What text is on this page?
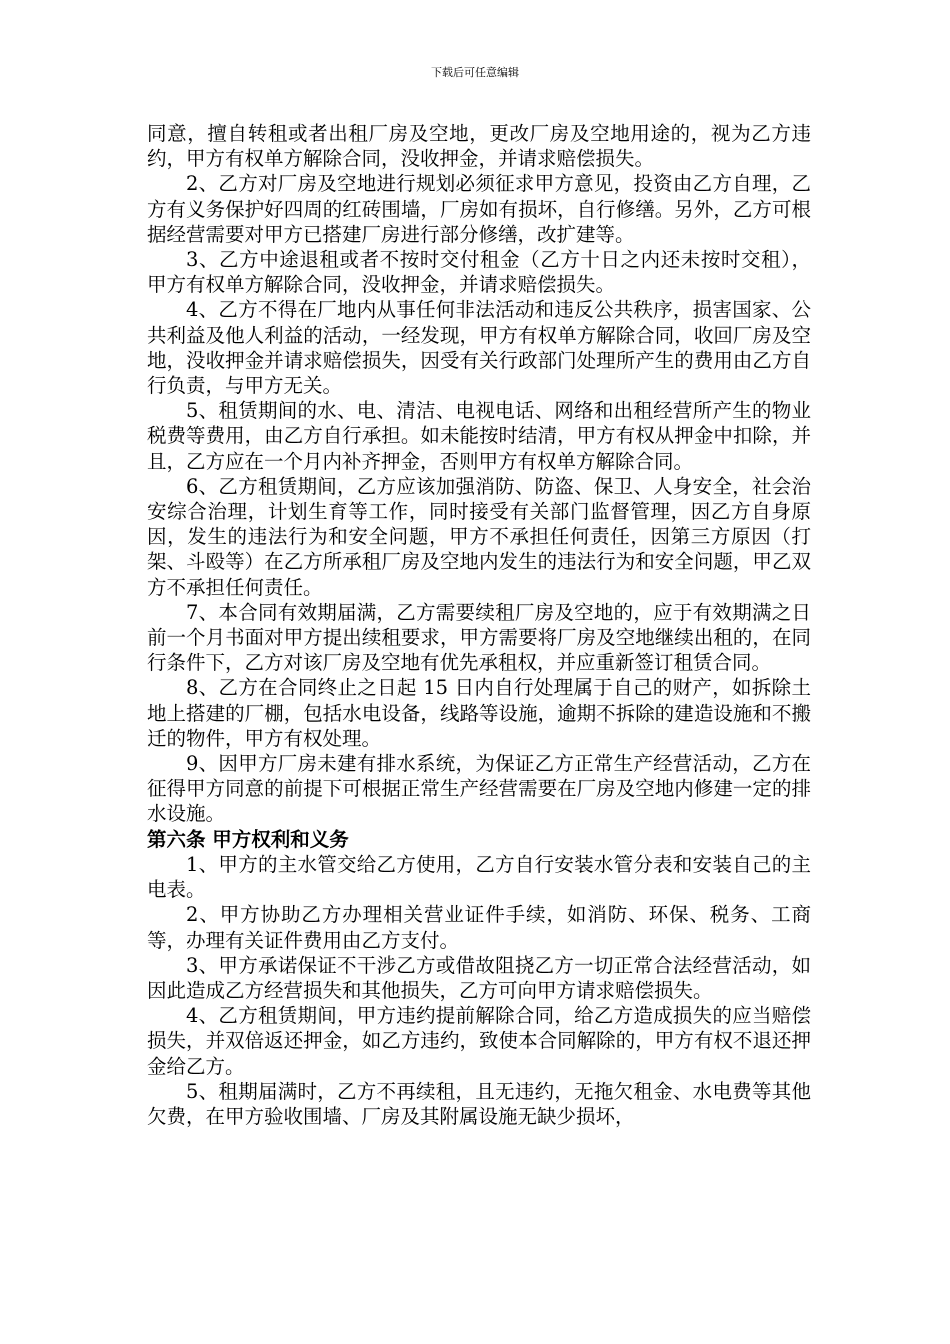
下载后可任意编辑

同意，擅自转租或者出租厂房及空地，更改厂房及空地用途的，视为乙方违约，甲方有权单方解除合同，没收押金，并请求赔偿损失。

2、乙方对厂房及空地进行规划必须征求甲方意见，投资由乙方自理，乙方有义务保护好四周的红砖围墙，厂房如有损坏，自行修缮。另外，乙方可根据经营需要对甲方已搭建厂房进行部分修缮，改扩建等。

3、乙方中途退租或者不按时交付租金（乙方十日之内还未按时交租），甲方有权单方解除合同，没收押金，并请求赔偿损失。

4、乙方不得在厂地内从事任何非法活动和违反公共秩序，损害国家、公共利益及他人利益的活动，一经发现，甲方有权单方解除合同，收回厂房及空地，没收押金并请求赔偿损失，因受有关行政部门处理所产生的费用由乙方自行负责，与甲方无关。

5、租赁期间的水、电、清洁、电视电话、网络和出租经营所产生的物业税费等费用，由乙方自行承担。如未能按时结清，甲方有权从押金中扣除，并且，乙方应在一个月内补齐押金，否则甲方有权单方解除合同。

6、乙方租赁期间，乙方应该加强消防、防盗、保卫、人身安全，社会治安综合治理，计划生育等工作，同时接受有关部门监督管理，因乙方自身原因，发生的违法行为和安全问题，甲方不承担任何责任，因第三方原因（打架、斗殴等）在乙方所承租厂房及空地内发生的违法行为和安全问题，甲乙双方不承担任何责任。

7、本合同有效期届满，乙方需要续租厂房及空地的，应于有效期满之日前一个月书面对甲方提出续租要求，甲方需要将厂房及空地继续出租的，在同行条件下，乙方对该厂房及空地有优先承租权，并应重新签订租赁合同。

8、乙方在合同终止之日起 15 日内自行处理属于自己的财产，如拆除土地上搭建的厂棚，包括水电设备，线路等设施，逾期不拆除的建造设施和不搬迁的物件，甲方有权处理。

9、因甲方厂房未建有排水系统，为保证乙方正常生产经营活动，乙方在征得甲方同意的前提下可根据正常生产经营需要在厂房及空地内修建一定的排水设施。

第六条 甲方权利和义务

1、甲方的主水管交给乙方使用，乙方自行安装水管分表和安装自己的主电表。

2、甲方协助乙方办理相关营业证件手续，如消防、环保、税务、工商等，办理有关证件费用由乙方支付。

3、甲方承诺保证不干涉乙方或借故阻挠乙方一切正常合法经营活动，如因此造成乙方经营损失和其他损失，乙方可向甲方请求赔偿损失。

4、乙方租赁期间，甲方违约提前解除合同，给乙方造成损失的应当赔偿损失，并双倍返还押金，如乙方违约，致使本合同解除的，甲方有权不退还押金给乙方。

5、租期届满时，乙方不再续租，且无违约，无拖欠租金、水电费等其他欠费，在甲方验收围墙、厂房及其附属设施无缺少损坏，
